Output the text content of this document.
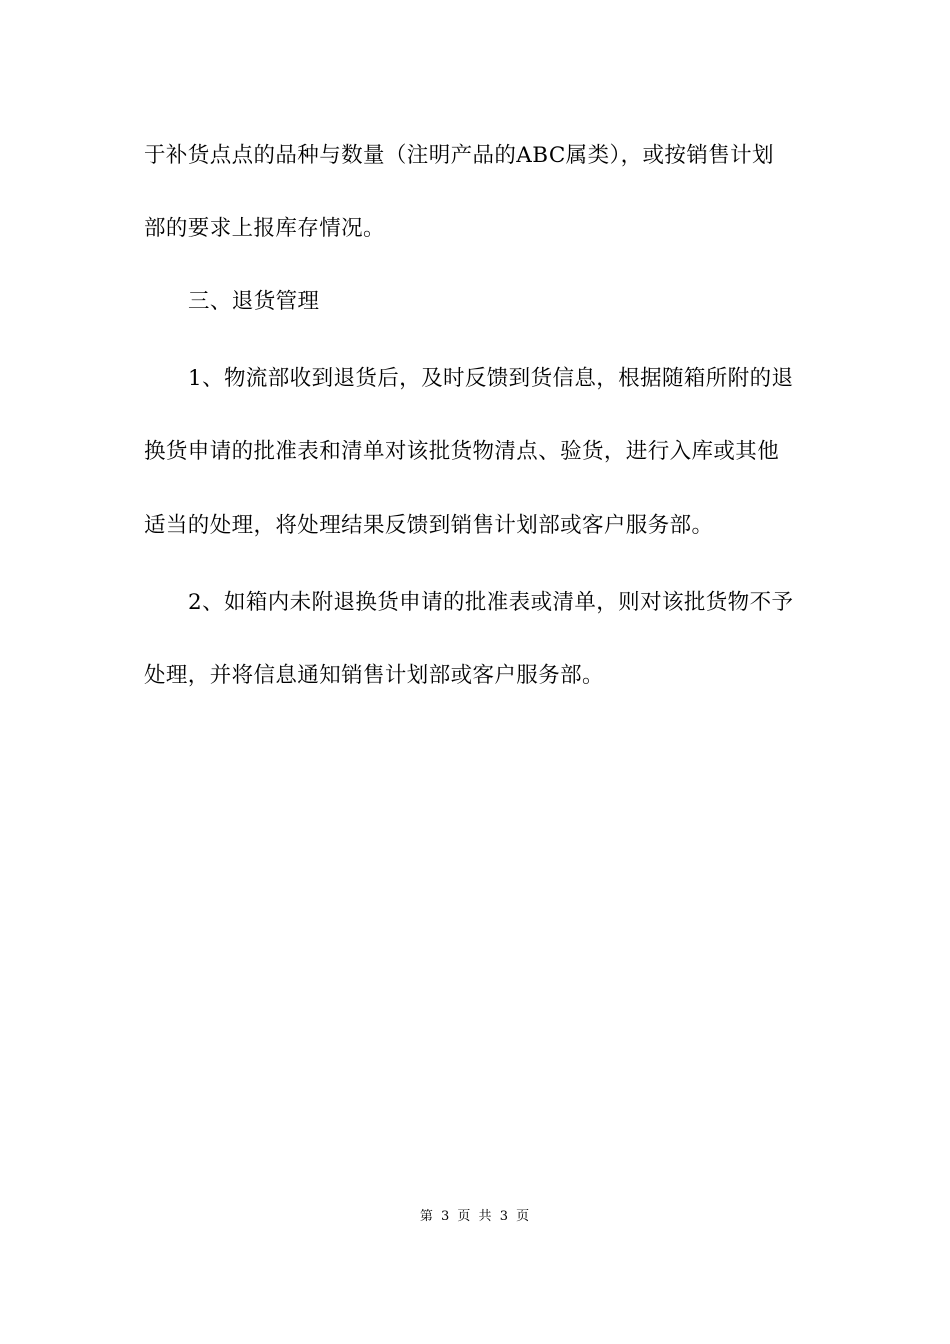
于补货点点的品种与数量（注明产品的ABC属类），或按销售计划
部的要求上报库存情况。
三、退货管理
1、物流部收到退货后，及时反馈到货信息，根据随箱所附的退
换货申请的批准表和清单对该批货物清点、验货，进行入库或其他
适当的处理，将处理结果反馈到销售计划部或客户服务部。
2、如箱内未附退换货申请的批准表或清单，则对该批货物不予
处理，并将信息通知销售计划部或客户服务部。
第 3 页 共 3 页
